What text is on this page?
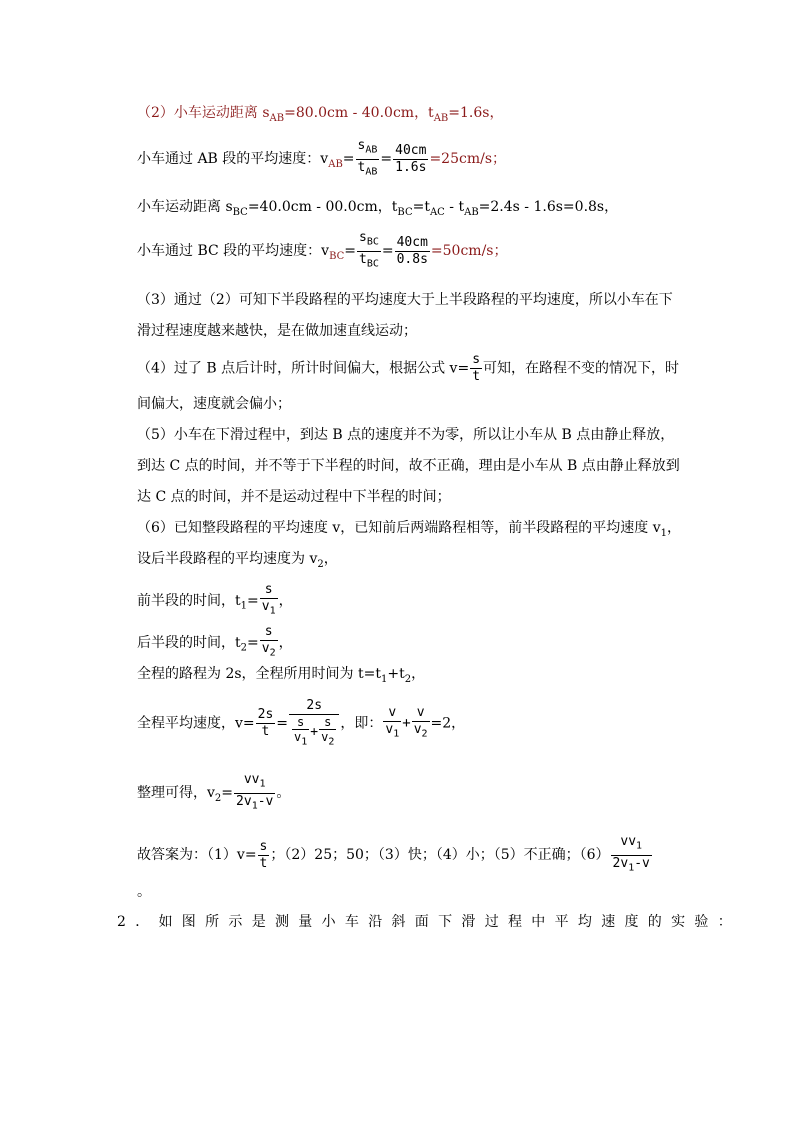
（2）小车运动距离 $s_{AB}=80.0cm - 40.0cm$，$t_{AB}=1.6s$，
小车通过 AB 段的平均速度：$v_{AB}= \frac{s_{AB}}{t_{AB}} = \frac{40cm}{1.6s} =25cm/s$；
小车运动距离 $s_{BC}=40.0cm - 00.0cm$，$t_{BC}=t_{AC} - t_{AB}=2.4s - 1.6s=0.8s$，
小车通过 BC 段的平均速度：$v_{BC}= \frac{s_{BC}}{t_{BC}} = \frac{40cm}{0.8s} =50cm/s$；
（3）通过（2）可知下半段路程的平均速度大于上半段路程的平均速度，所以小车在下
滑过程速度越来越快，是在做加速直线运动；
（4）过了 B 点后计时，所计时间偏大，根据公式 $v= \frac{s}{t}$ 可知，在路程不变的情况下，时
间偏大，速度就会偏小；
（5）小车在下滑过程中，到达 B 点的速度并不为零，所以让小车从 B 点由静止释放，
到达 C 点的时间，并不等于下半程的时间，故不正确，理由是小车从 B 点由静止释放到
达 C 点的时间，并不是运动过程中下半程的时间；
（6）已知整段路程的平均速度 v，已知前后两端路程相等，前半段路程的平均速度 $v_1$，
设后半段路程的平均速度为 $v_2$，
前半段的时间，$t_1= \frac{s}{v_1}$ ，
后半段的时间，$t_2= \frac{s}{v_2}$ ，
全程的路程为 2s，全程所用时间为 $t=t_1+t_2$，
全程平均速度，$v= \frac{2s}{t} = \frac{2s}{\frac{s}{v_1} + \frac{s}{v_2}}$ ，即： $\frac{v}{v_1} + \frac{v}{v_2} =2$，
整理可得，$v_2= \frac{vv_1}{2v_1-v}$ 。
故答案为：$(1)v= \frac{s}{t}$ ；（2）25；50；（3）快；（4）小；（5）不正确；$(6) \frac{vv_1}{2v_1-v}$
。
2．如图所示是测量小车沿斜面下滑过程中平均速度的实验：
